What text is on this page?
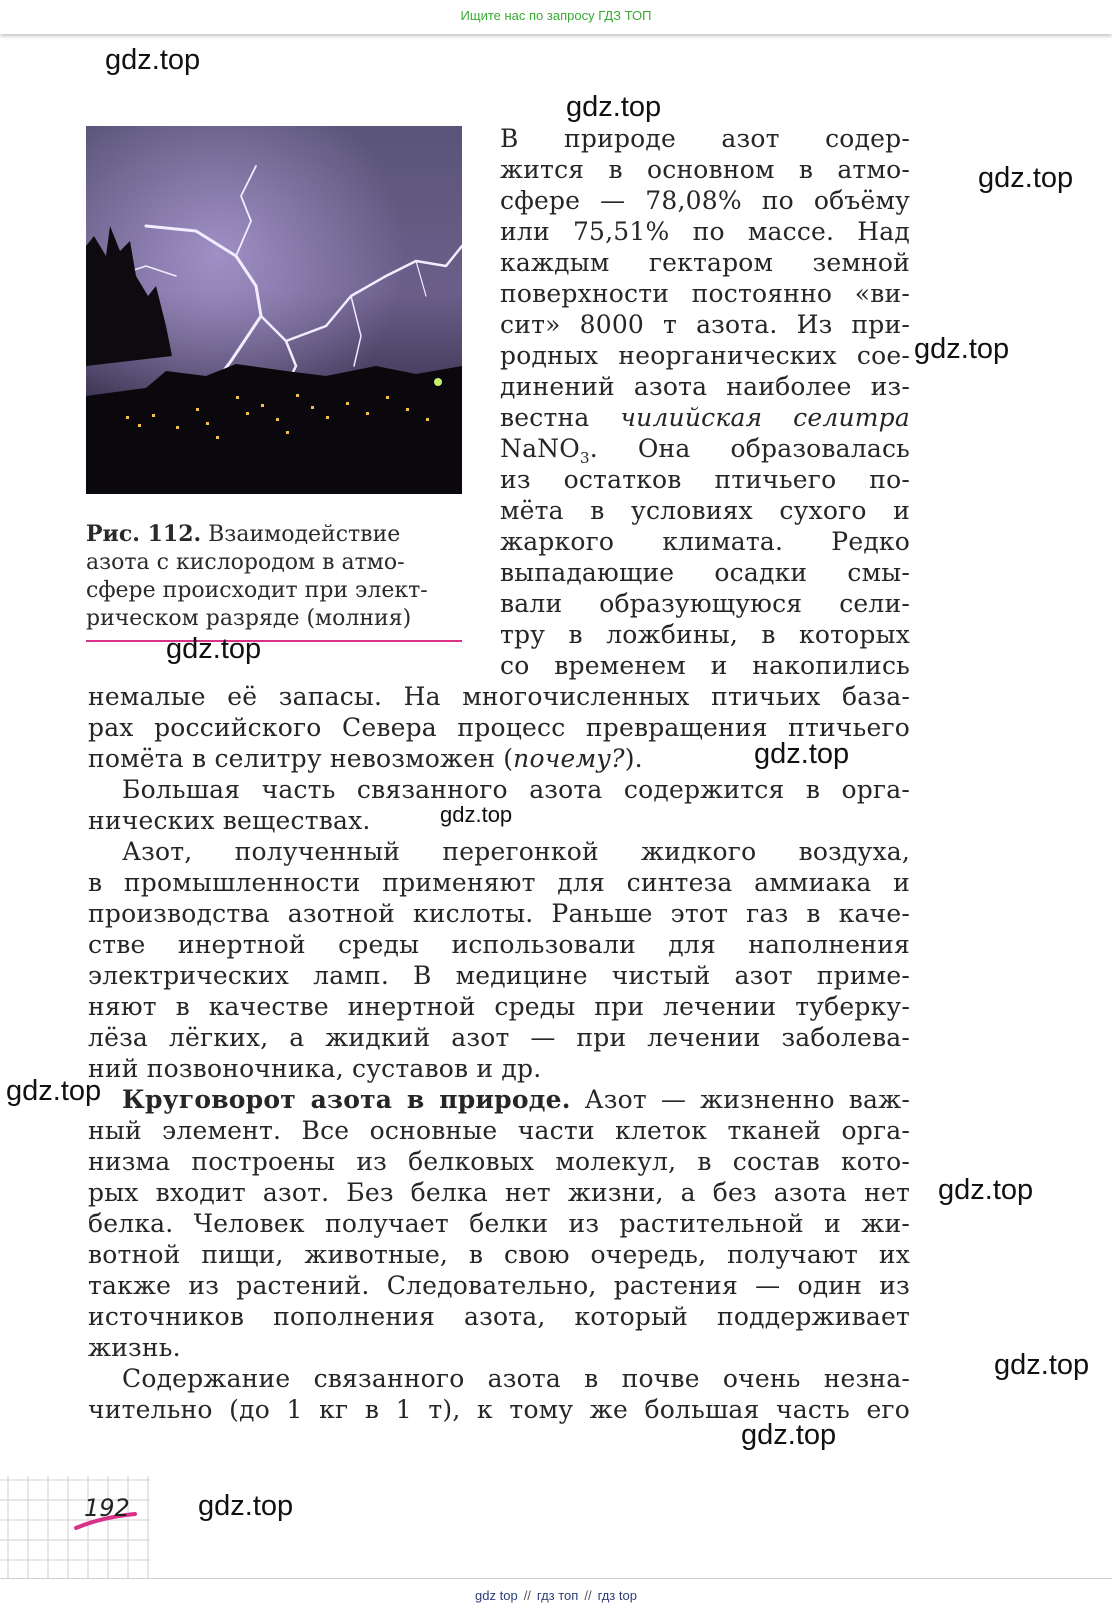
Ищите нас по запросу ГДЗ ТОП
Рис. 112. Взаимодействие
азота с кислородом в атмо-
сфере происходит при элект-
рическом разряде (молния)
В природе азот содер-
жится в основном в атмо-
сфере — 78,08% по объёму
или 75,51% по массе. Над
каждым гектаром земной
поверхности постоянно «ви-
сит» 8000 т азота. Из при-
родных неорганических сое-
динений азота наиболее из-
вестна чилийская селитра
NaNO$_3$. Она образовалась
из остатков птичьего по-
мёта в условиях сухого и
жаркого климата. Редко
выпадающие осадки смы-
вали образующуюся сели-
тру в ложбины, в которых
со временем и накопились
немалые её запасы. На многочисленных птичьих база-
рах российского Севера процесс превращения птичьего
помёта в селитру невозможен (почему?).
Большая часть связанного азота содержится в орга-
нических веществах.
Азот, полученный перегонкой жидкого воздуха,
в промышленности применяют для синтеза аммиака и
производства азотной кислоты. Раньше этот газ в каче-
стве инертной среды использовали для наполнения
электрических ламп. В медицине чистый азот приме-
няют в качестве инертной среды при лечении туберку-
лёза лёгких, а жидкий азот — при лечении заболева-
ний позвоночника, суставов и др.
Круговорот азота в природе. Азот — жизненно важ-
ный элемент. Все основные части клеток тканей орга-
низма построены из белковых молекул, в состав кото-
рых входит азот. Без белка нет жизни, а без азота нет
белка. Человек получает белки из растительной и жи-
вотной пищи, животные, в свою очередь, получают их
также из растений. Следовательно, растения — один из
источников пополнения азота, который поддерживает
жизнь.
Содержание связанного азота в почве очень незна-
чительно (до 1 кг в 1 т), к тому же большая часть его
192
gdz.top
gdz.top
gdz.top
gdz.top
gdz.top
gdz.top
gdz.top
gdz.top
gdz.top
gdz.top
gdz.top
gdz.top
gdz top // гдз топ // гдз top
